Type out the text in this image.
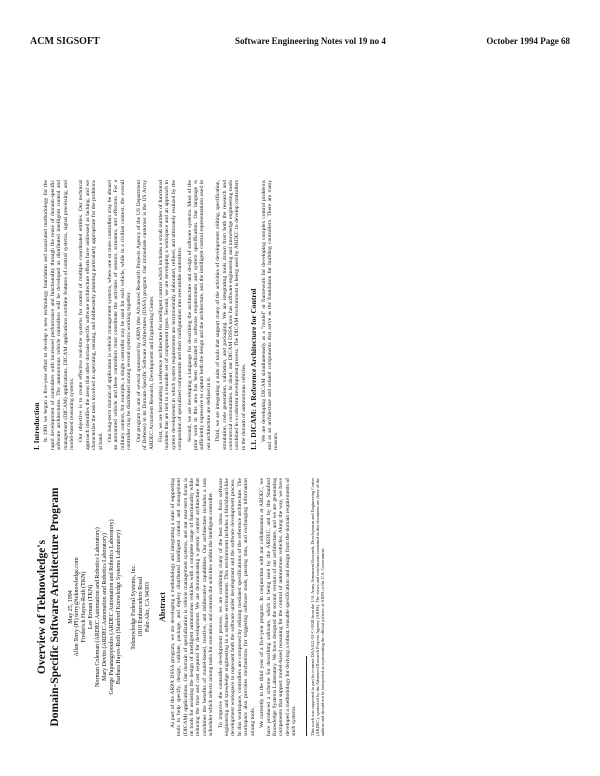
ACM SIGSOFT	Software Engineering Notes vol 19 no 4	October 1994 Page 68
Overview of Teknowledge's Domain-Specific Software Architecture Program May 25, 1994 Allan Terry (PI) terry@teknowledge.com Frederick Hayes-Roth (TKN) Lee Erman (TKN) Norman Coleman (ARDEC Automation and Robotics Laboratory) Mary Devito (ARDEC Automation and Robotics Laboratory) George Papanagopoulos (ARDEC Automation and Robotics Laboratory) Barbara Hayes-Roth (Stanford Knowledge Systems Laboratory) Teknowledge Federal Systems, Inc. 1810 Embarcadero Road Palo Alto, CA 94303 Abstract As part of the ARPA DSSA program, we are developing a methodology and integrating a suite of supporting tools to help specify, design, validate, package, and deploy distributed intelligent control and management (DICAM) applications. Our domain of specialization is vehicle management systems, and our near-term focus is on tools for assisting the design of intelligent autonomous vehicles with a complete range of functionality while reducing the time and cost required for development. We are demonstrating a generic control architecture that combines the benefits of model-based, reactive, and deliberative capabilities. Our architecture includes a task scheduler which selects among tasks for execution and controls the activities within the intelligent controller. To improve the controller development process, we are combining many of the best ideas from software engineering and knowledge engineering in a software environment. This environment includes a blackboard-like development workspace to represent both the software under development and the software development process. In this workspace, controllers are composed by refining mediated specifications of the reference architecture. The workspace also provides mechanisms for triggering software tools, passing data, and exchanging information among tools. We currently in the third year of a five-year program. In conjunction with our collaborators at ARDEC, we have produced a scheme for describing software, which is being used by the ARDEC, and by the Stanford Knowledge Systems Laboratory. We have designed the second version of our architecture, and we are generating components that support model-based reasoning for the control of autonomous vehicles. Along the way, we have developed a methodology for deriving a robust, reusable specification and design from the domain requirements of such systems.	This work was supported in part by contract DAAA21-92-C-0028 from the U.S. Army Armament Research, Development and Engineering Center (ARDEC), sponsored by the Advanced Research Projects Agency (ARPA). The views and conclusions contained in this document are those of the authors and should not be interpreted as representing the official policies of ARPA or the U.S. Government.
I. Introduction In 1991 we began a five-year effort to develop a new technology foundation and associated methodology for the rapid development of controllers with increased performance and functionality through the reuse of domain-specific software architectures. The autonomous vehicle controllers will be developed as distributed intelligent control and management (DICAM) applications. DICAM applications combine features of control systems, signal processing, and model-based reasoning systems. Our objective is to create effective real-time systems for control of multiple coordinated entities. Our technical approach identifies the areas that other domain-specific software architecture efforts have addressed as lacking, and we characterize the tasks involved in operating, sensing, and deliberately planning particularly appropriate for the problems at hand. Our long-term domain of application is vehicle management systems, where one or more controllers may be aboard an unmanned vehicle and these controllers must coordinate the activities of sensors, actuators, and effectors. For a military context, for example, a single controller may be used for each vehicle, while in a civilian context, the overall controller may be distributed among several systems working together. Our program is one of several sponsored by ARPA (the Advanced Research Projects Agency of the US Department of Defense) in its Domain-Specific Software Architectures (DSSA) program. Our immediate customer is the US Army ARDEC Armament Research, Development and Engineering Center. First, we are formulating a reference architecture for intelligent control which includes a small number of functional modules that are tied to a reusable set of component types. Second, we are developing a workspace and an approach to system development in which system requirements are incrementally elaborated, refined, and ultimately realized by the composition of specialized components and their configuration into executable controllers. Second, we are developing a language for describing the architecture and design of software systems. Most of the prior work in this area has been dedicated to software requirements and system specification. Our language is sufficiently expressive to capture both the design and the architecture, and the intelligent control representations used in our architecture are defined in it. Third, we are integrating a suite of tools that support many of the activities of development: editing, specification, simulation, code generation, validation, and packaging. We are integrating tools drawn from both the research and commercial communities. In short, our DICAM DSSA now has software engineering and knowledge engineering tools combined in a coherent development process. The DICAM environment is being used by ARDEC to develop controllers in the domain of autonomous vehicles. I.1. DICAM: A Reference Architecture for Control We are developing DICAM simultaneously as a "model" or framework for developing complex control problems and as an architecture and related components that serve as the foundation for building controllers. There are many reasons.
